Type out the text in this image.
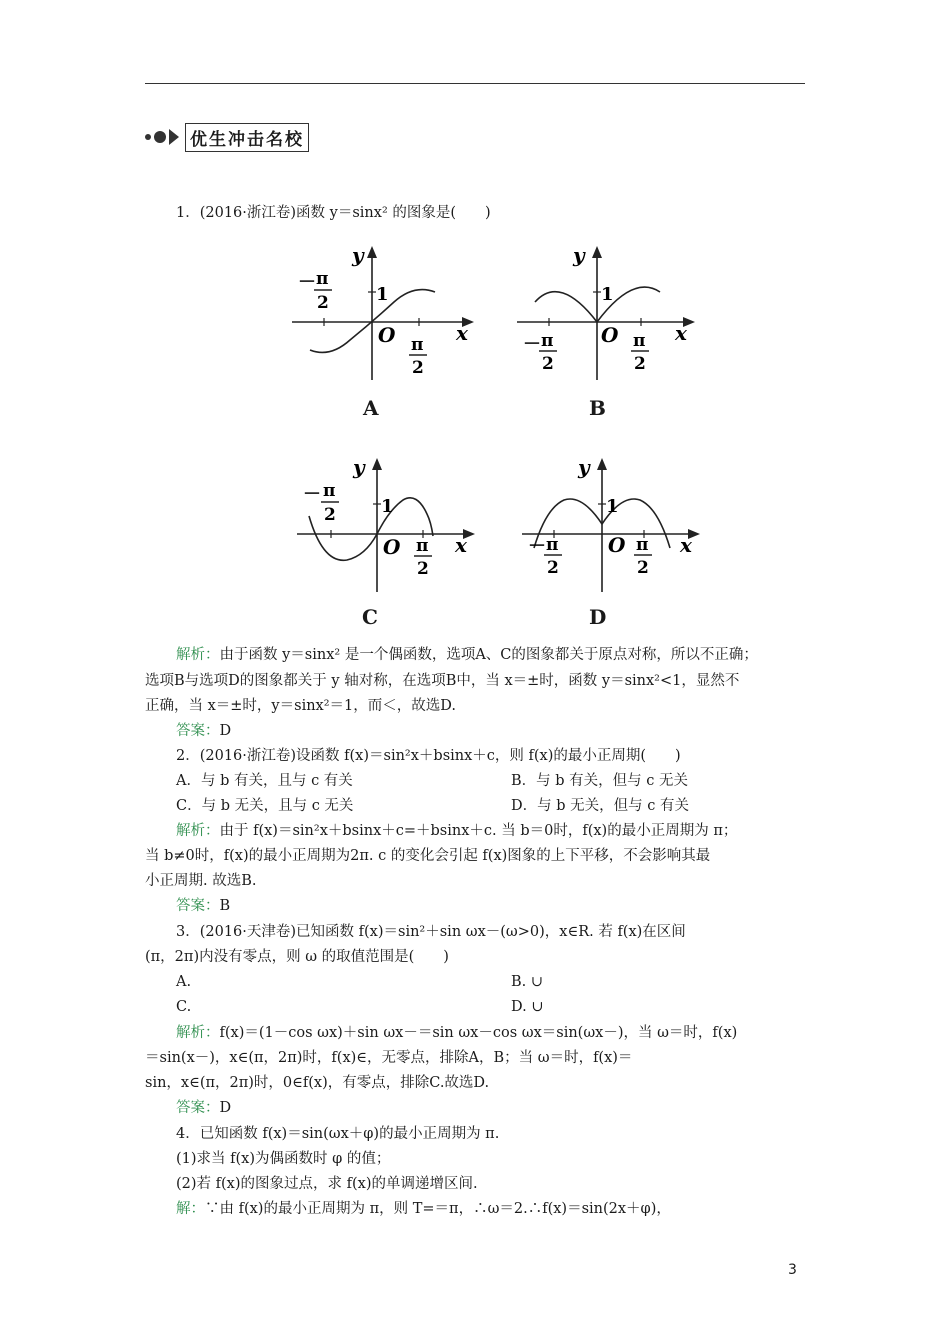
优生冲击名校
1．(2016·浙江卷)函数 y＝sinx² 的图象是(　　)
y
x
O
1
－ π
2
π
2
A
y
x
O
1
－ π
2
π
2
B
y
x
O
1
－ π
2
π
2
C
y
x
O
1
－ π
2
π
2
D
解析：由于函数 y＝sinx² 是一个偶函数，选项A、C的图象都关于原点对称，所以不正确；
选项B与选项D的图象都关于 y 轴对称，在选项B中，当 x＝±时，函数 y＝sinx²<1，显然不
正确，当 x＝±时，y＝sinx²＝1，而＜，故选D.
答案：D
2．(2016·浙江卷)设函数 f(x)＝sin²x＋bsinx＋c，则 f(x)的最小正周期(　　)
A．与 b 有关，且与 c 有关	B．与 b 有关，但与 c 无关
C．与 b 无关，且与 c 无关	D．与 b 无关，但与 c 有关
解析：由于 f(x)＝sin²x＋bsinx＋c=＋bsinx＋c. 当 b＝0时，f(x)的最小正周期为 π；
当 b≠0时，f(x)的最小正周期为2π. c 的变化会引起 f(x)图象的上下平移，不会影响其最
小正周期. 故选B.
答案：B
3．(2016·天津卷)已知函数 f(x)＝sin²＋sin ωx－(ω>0)，x∈R. 若 f(x)在区间
(π，2π)内没有零点，则 ω 的取值范围是(　　)
A.	B. ∪
C.	D. ∪
解析：f(x)＝(1－cos ωx)＋sin ωx－＝sin ωx－cos ωx＝sin(ωx－)，当 ω＝时，f(x)
＝sin(x－)，x∈(π，2π)时，f(x)∈，无零点，排除A，B；当 ω＝时，f(x)＝
sin，x∈(π，2π)时，0∈f(x)，有零点，排除C.故选D.
答案：D
4．已知函数 f(x)＝sin(ωx＋φ)的最小正周期为 π.
(1)求当 f(x)为偶函数时 φ 的值；
(2)若 f(x)的图象过点，求 f(x)的单调递增区间.
解：∵由 f(x)的最小正周期为 π，则 T=＝π，∴ω＝2.∴f(x)＝sin(2x＋φ)，
3
